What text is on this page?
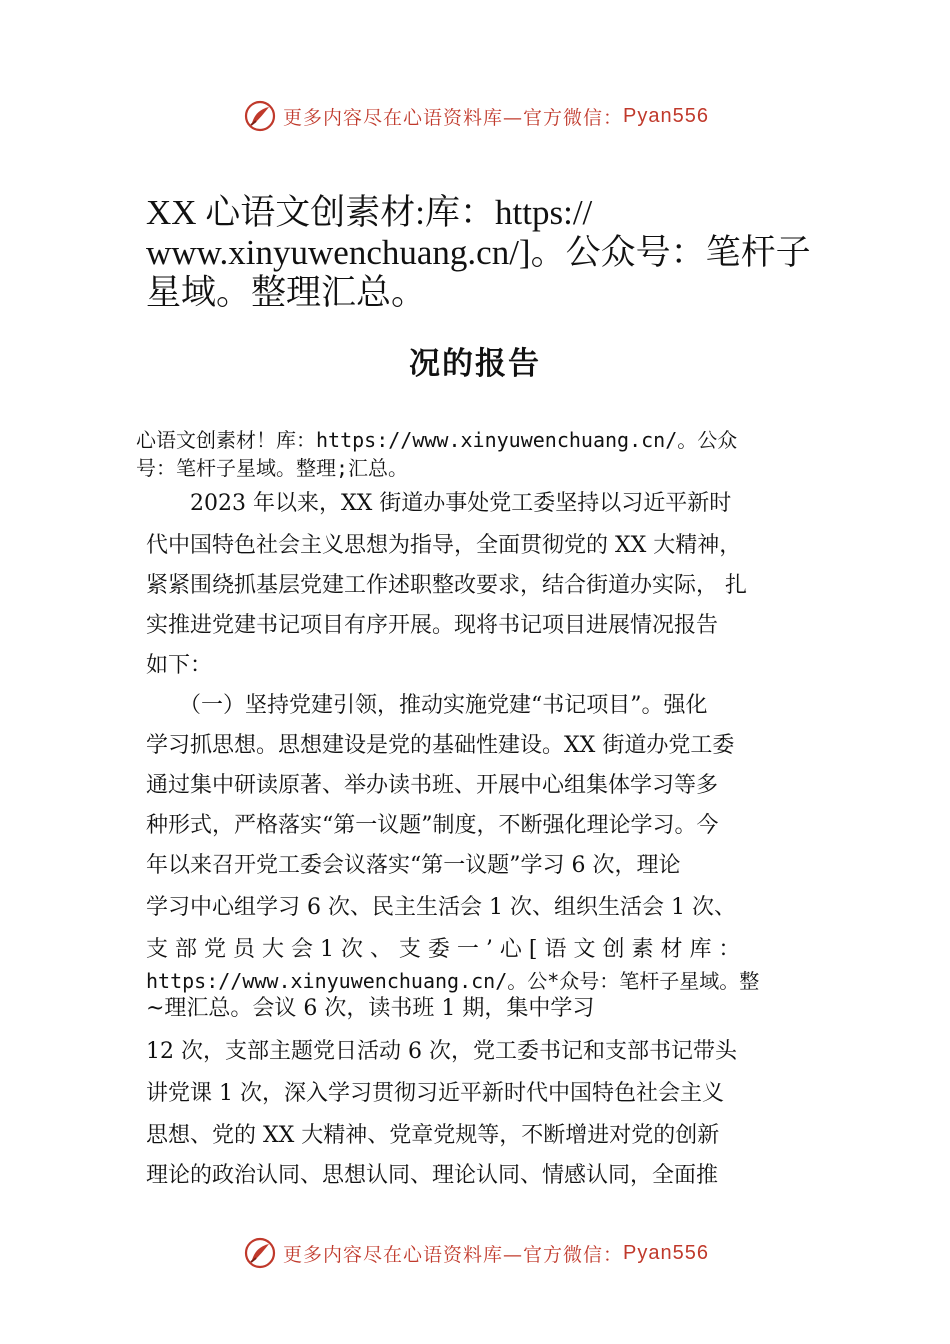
更多内容尽在心语资料库—官方微信： Pyan556
XX 心语文创素材:库：https://
www.xinyuwenchuang.cn/]。公众号：笔杆子
星域。整理汇总。
况的报告
心语文创素材！库：https://www.xinyuwenchuang.cn/。公众
号：笔杆子星域。整理;汇总。
　　2023 年以来，XX 街道办事处党工委坚持以习近平新时
代中国特色社会主义思想为指导，全面贯彻党的 XX 大精神，
紧紧围绕抓基层党建工作述职整改要求，结合街道办实际， 扎
实推进党建书记项目有序开展。现将书记项目进展情况报告
如下：
　　（一）坚持党建引领，推动实施党建“书记项目”。强化
学习抓思想。思想建设是党的基础性建设。XX 街道办党工委
通过集中研读原著、举办读书班、开展中心组集体学习等多
种形式，严格落实“第一议题”制度，不断强化理论学习。今
年以来召开党工委会议落实“第一议题”学习 6 次，理论
学习中心组学习 6 次、民主生活会 1 次、组织生活会 1 次、
支 部 党 员 大 会 1 次 、 支 委 一 ’ 心 [ 语 文 创 素 材 库 ：
https://www.xinyuwenchuang.cn/。公*众号：笔杆子星域。整
~理汇总。会议 6 次，读书班 1 期，集中学习
12 次，支部主题党日活动 6 次，党工委书记和支部书记带头
讲党课 1 次，深入学习贯彻习近平新时代中国特色社会主义
思想、党的 XX 大精神、党章党规等，不断增进对党的创新
理论的政治认同、思想认同、理论认同、情感认同，全面推
更多内容尽在心语资料库—官方微信： Pyan556
